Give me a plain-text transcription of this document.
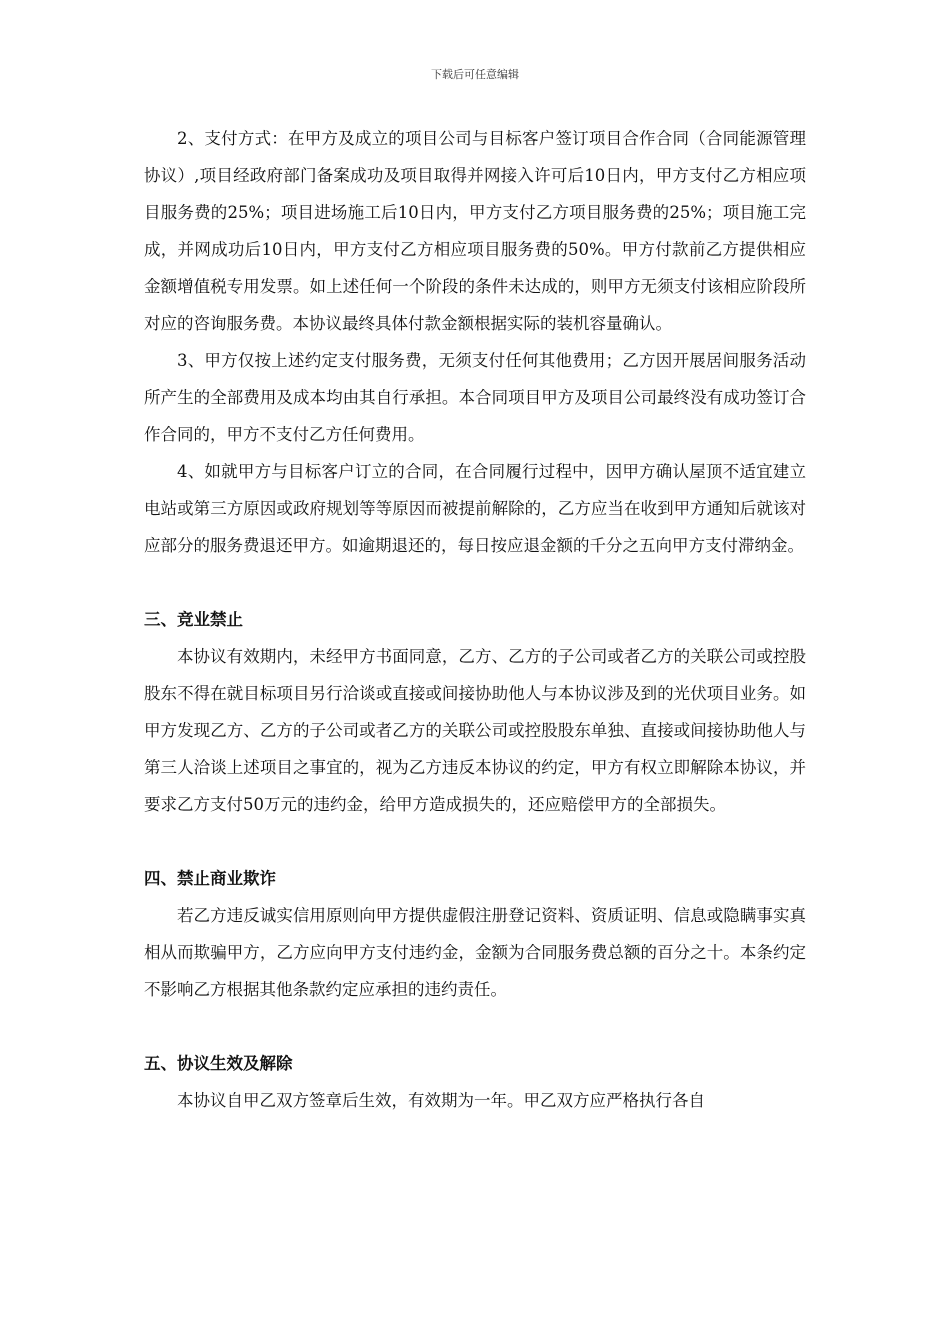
下载后可任意编辑

2、支付方式：在甲方及成立的项目公司与目标客户签订项目合作合同（合同能源管理协议）,项目经政府部门备案成功及项目取得并网接入许可后10日内，甲方支付乙方相应项目服务费的25%；项目进场施工后10日内，甲方支付乙方项目服务费的25%；项目施工完成，并网成功后10日内，甲方支付乙方相应项目服务费的50%。甲方付款前乙方提供相应金额增值税专用发票。如上述任何一个阶段的条件未达成的，则甲方无须支付该相应阶段所对应的咨询服务费。本协议最终具体付款金额根据实际的装机容量确认。

3、甲方仅按上述约定支付服务费，无须支付任何其他费用；乙方因开展居间服务活动所产生的全部费用及成本均由其自行承担。本合同项目甲方及项目公司最终没有成功签订合作合同的，甲方不支付乙方任何费用。

4、如就甲方与目标客户订立的合同，在合同履行过程中，因甲方确认屋顶不适宜建立电站或第三方原因或政府规划等等原因而被提前解除的，乙方应当在收到甲方通知后就该对应部分的服务费退还甲方。如逾期退还的，每日按应退金额的千分之五向甲方支付滞纳金。

三、竞业禁止

本协议有效期内，未经甲方书面同意，乙方、乙方的子公司或者乙方的关联公司或控股股东不得在就目标项目另行洽谈或直接或间接协助他人与本协议涉及到的光伏项目业务。如甲方发现乙方、乙方的子公司或者乙方的关联公司或控股股东单独、直接或间接协助他人与第三人洽谈上述项目之事宜的，视为乙方违反本协议的约定，甲方有权立即解除本协议，并要求乙方支付50万元的违约金，给甲方造成损失的，还应赔偿甲方的全部损失。

四、禁止商业欺诈

若乙方违反诚实信用原则向甲方提供虚假注册登记资料、资质证明、信息或隐瞒事实真相从而欺骗甲方，乙方应向甲方支付违约金，金额为合同服务费总额的百分之十。本条约定不影响乙方根据其他条款约定应承担的违约责任。

五、协议生效及解除

本协议自甲乙双方签章后生效，有效期为一年。甲乙双方应严格执行各自
